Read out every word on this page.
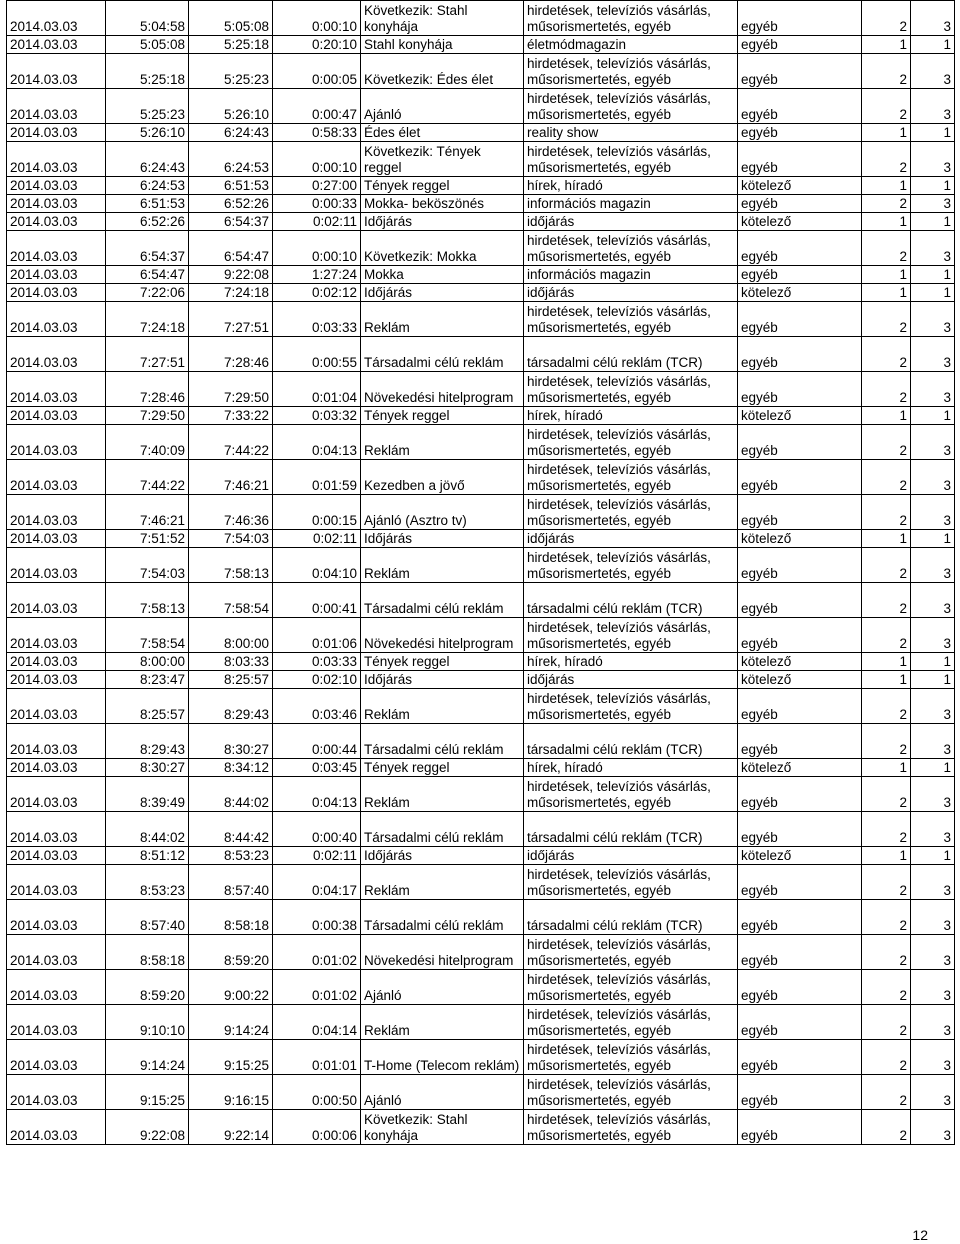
2014.03.03	5:04:58	5:05:08	0:00:10	Következik: Stahl konyhája	hirdetések, televíziós vásárlás, műsorismertetés, egyéb	egyéb	2	3
2014.03.03	5:05:08	5:25:18	0:20:10	Stahl konyhája	életmódmagazin	egyéb	1	1
2014.03.03	5:25:18	5:25:23	0:00:05	Következik: Édes élet	hirdetések, televíziós vásárlás, műsorismertetés, egyéb	egyéb	2	3
2014.03.03	5:25:23	5:26:10	0:00:47	Ajánló	hirdetések, televíziós vásárlás, műsorismertetés, egyéb	egyéb	2	3
2014.03.03	5:26:10	6:24:43	0:58:33	Édes élet	reality show	egyéb	1	1
2014.03.03	6:24:43	6:24:53	0:00:10	Következik: Tények reggel	hirdetések, televíziós vásárlás, műsorismertetés, egyéb	egyéb	2	3
2014.03.03	6:24:53	6:51:53	0:27:00	Tények reggel	hírek, híradó	kötelező	1	1
2014.03.03	6:51:53	6:52:26	0:00:33	Mokka- beköszönés	információs magazin	egyéb	2	3
2014.03.03	6:52:26	6:54:37	0:02:11	Időjárás	időjárás	kötelező	1	1
2014.03.03	6:54:37	6:54:47	0:00:10	Következik: Mokka	hirdetések, televíziós vásárlás, műsorismertetés, egyéb	egyéb	2	3
2014.03.03	6:54:47	9:22:08	1:27:24	Mokka	információs magazin	egyéb	1	1
2014.03.03	7:22:06	7:24:18	0:02:12	Időjárás	időjárás	kötelező	1	1
2014.03.03	7:24:18	7:27:51	0:03:33	Reklám	hirdetések, televíziós vásárlás, műsorismertetés, egyéb	egyéb	2	3
2014.03.03	7:27:51	7:28:46	0:00:55	Társadalmi célú reklám	társadalmi célú reklám (TCR)	egyéb	2	3
2014.03.03	7:28:46	7:29:50	0:01:04	Növekedési hitelprogram	hirdetések, televíziós vásárlás, műsorismertetés, egyéb	egyéb	2	3
2014.03.03	7:29:50	7:33:22	0:03:32	Tények reggel	hírek, híradó	kötelező	1	1
2014.03.03	7:40:09	7:44:22	0:04:13	Reklám	hirdetések, televíziós vásárlás, műsorismertetés, egyéb	egyéb	2	3
2014.03.03	7:44:22	7:46:21	0:01:59	Kezedben a jövő	hirdetések, televíziós vásárlás, műsorismertetés, egyéb	egyéb	2	3
2014.03.03	7:46:21	7:46:36	0:00:15	Ajánló (Asztro tv)	hirdetések, televíziós vásárlás, műsorismertetés, egyéb	egyéb	2	3
2014.03.03	7:51:52	7:54:03	0:02:11	Időjárás	időjárás	kötelező	1	1
2014.03.03	7:54:03	7:58:13	0:04:10	Reklám	hirdetések, televíziós vásárlás, műsorismertetés, egyéb	egyéb	2	3
2014.03.03	7:58:13	7:58:54	0:00:41	Társadalmi célú reklám	társadalmi célú reklám (TCR)	egyéb	2	3
2014.03.03	7:58:54	8:00:00	0:01:06	Növekedési hitelprogram	hirdetések, televíziós vásárlás, műsorismertetés, egyéb	egyéb	2	3
2014.03.03	8:00:00	8:03:33	0:03:33	Tények reggel	hírek, híradó	kötelező	1	1
2014.03.03	8:23:47	8:25:57	0:02:10	Időjárás	időjárás	kötelező	1	1
2014.03.03	8:25:57	8:29:43	0:03:46	Reklám	hirdetések, televíziós vásárlás, műsorismertetés, egyéb	egyéb	2	3
2014.03.03	8:29:43	8:30:27	0:00:44	Társadalmi célú reklám	társadalmi célú reklám (TCR)	egyéb	2	3
2014.03.03	8:30:27	8:34:12	0:03:45	Tények reggel	hírek, híradó	kötelező	1	1
2014.03.03	8:39:49	8:44:02	0:04:13	Reklám	hirdetések, televíziós vásárlás, műsorismertetés, egyéb	egyéb	2	3
2014.03.03	8:44:02	8:44:42	0:00:40	Társadalmi célú reklám	társadalmi célú reklám (TCR)	egyéb	2	3
2014.03.03	8:51:12	8:53:23	0:02:11	Időjárás	időjárás	kötelező	1	1
2014.03.03	8:53:23	8:57:40	0:04:17	Reklám	hirdetések, televíziós vásárlás, műsorismertetés, egyéb	egyéb	2	3
2014.03.03	8:57:40	8:58:18	0:00:38	Társadalmi célú reklám	társadalmi célú reklám (TCR)	egyéb	2	3
2014.03.03	8:58:18	8:59:20	0:01:02	Növekedési hitelprogram	hirdetések, televíziós vásárlás, műsorismertetés, egyéb	egyéb	2	3
2014.03.03	8:59:20	9:00:22	0:01:02	Ajánló	hirdetések, televíziós vásárlás, műsorismertetés, egyéb	egyéb	2	3
2014.03.03	9:10:10	9:14:24	0:04:14	Reklám	hirdetések, televíziós vásárlás, műsorismertetés, egyéb	egyéb	2	3
2014.03.03	9:14:24	9:15:25	0:01:01	T-Home (Telecom reklám)	hirdetések, televíziós vásárlás, műsorismertetés, egyéb	egyéb	2	3
2014.03.03	9:15:25	9:16:15	0:00:50	Ajánló	hirdetések, televíziós vásárlás, műsorismertetés, egyéb	egyéb	2	3
2014.03.03	9:22:08	9:22:14	0:00:06	Következik: Stahl konyhája	hirdetések, televíziós vásárlás, műsorismertetés, egyéb	egyéb	2	3
12
